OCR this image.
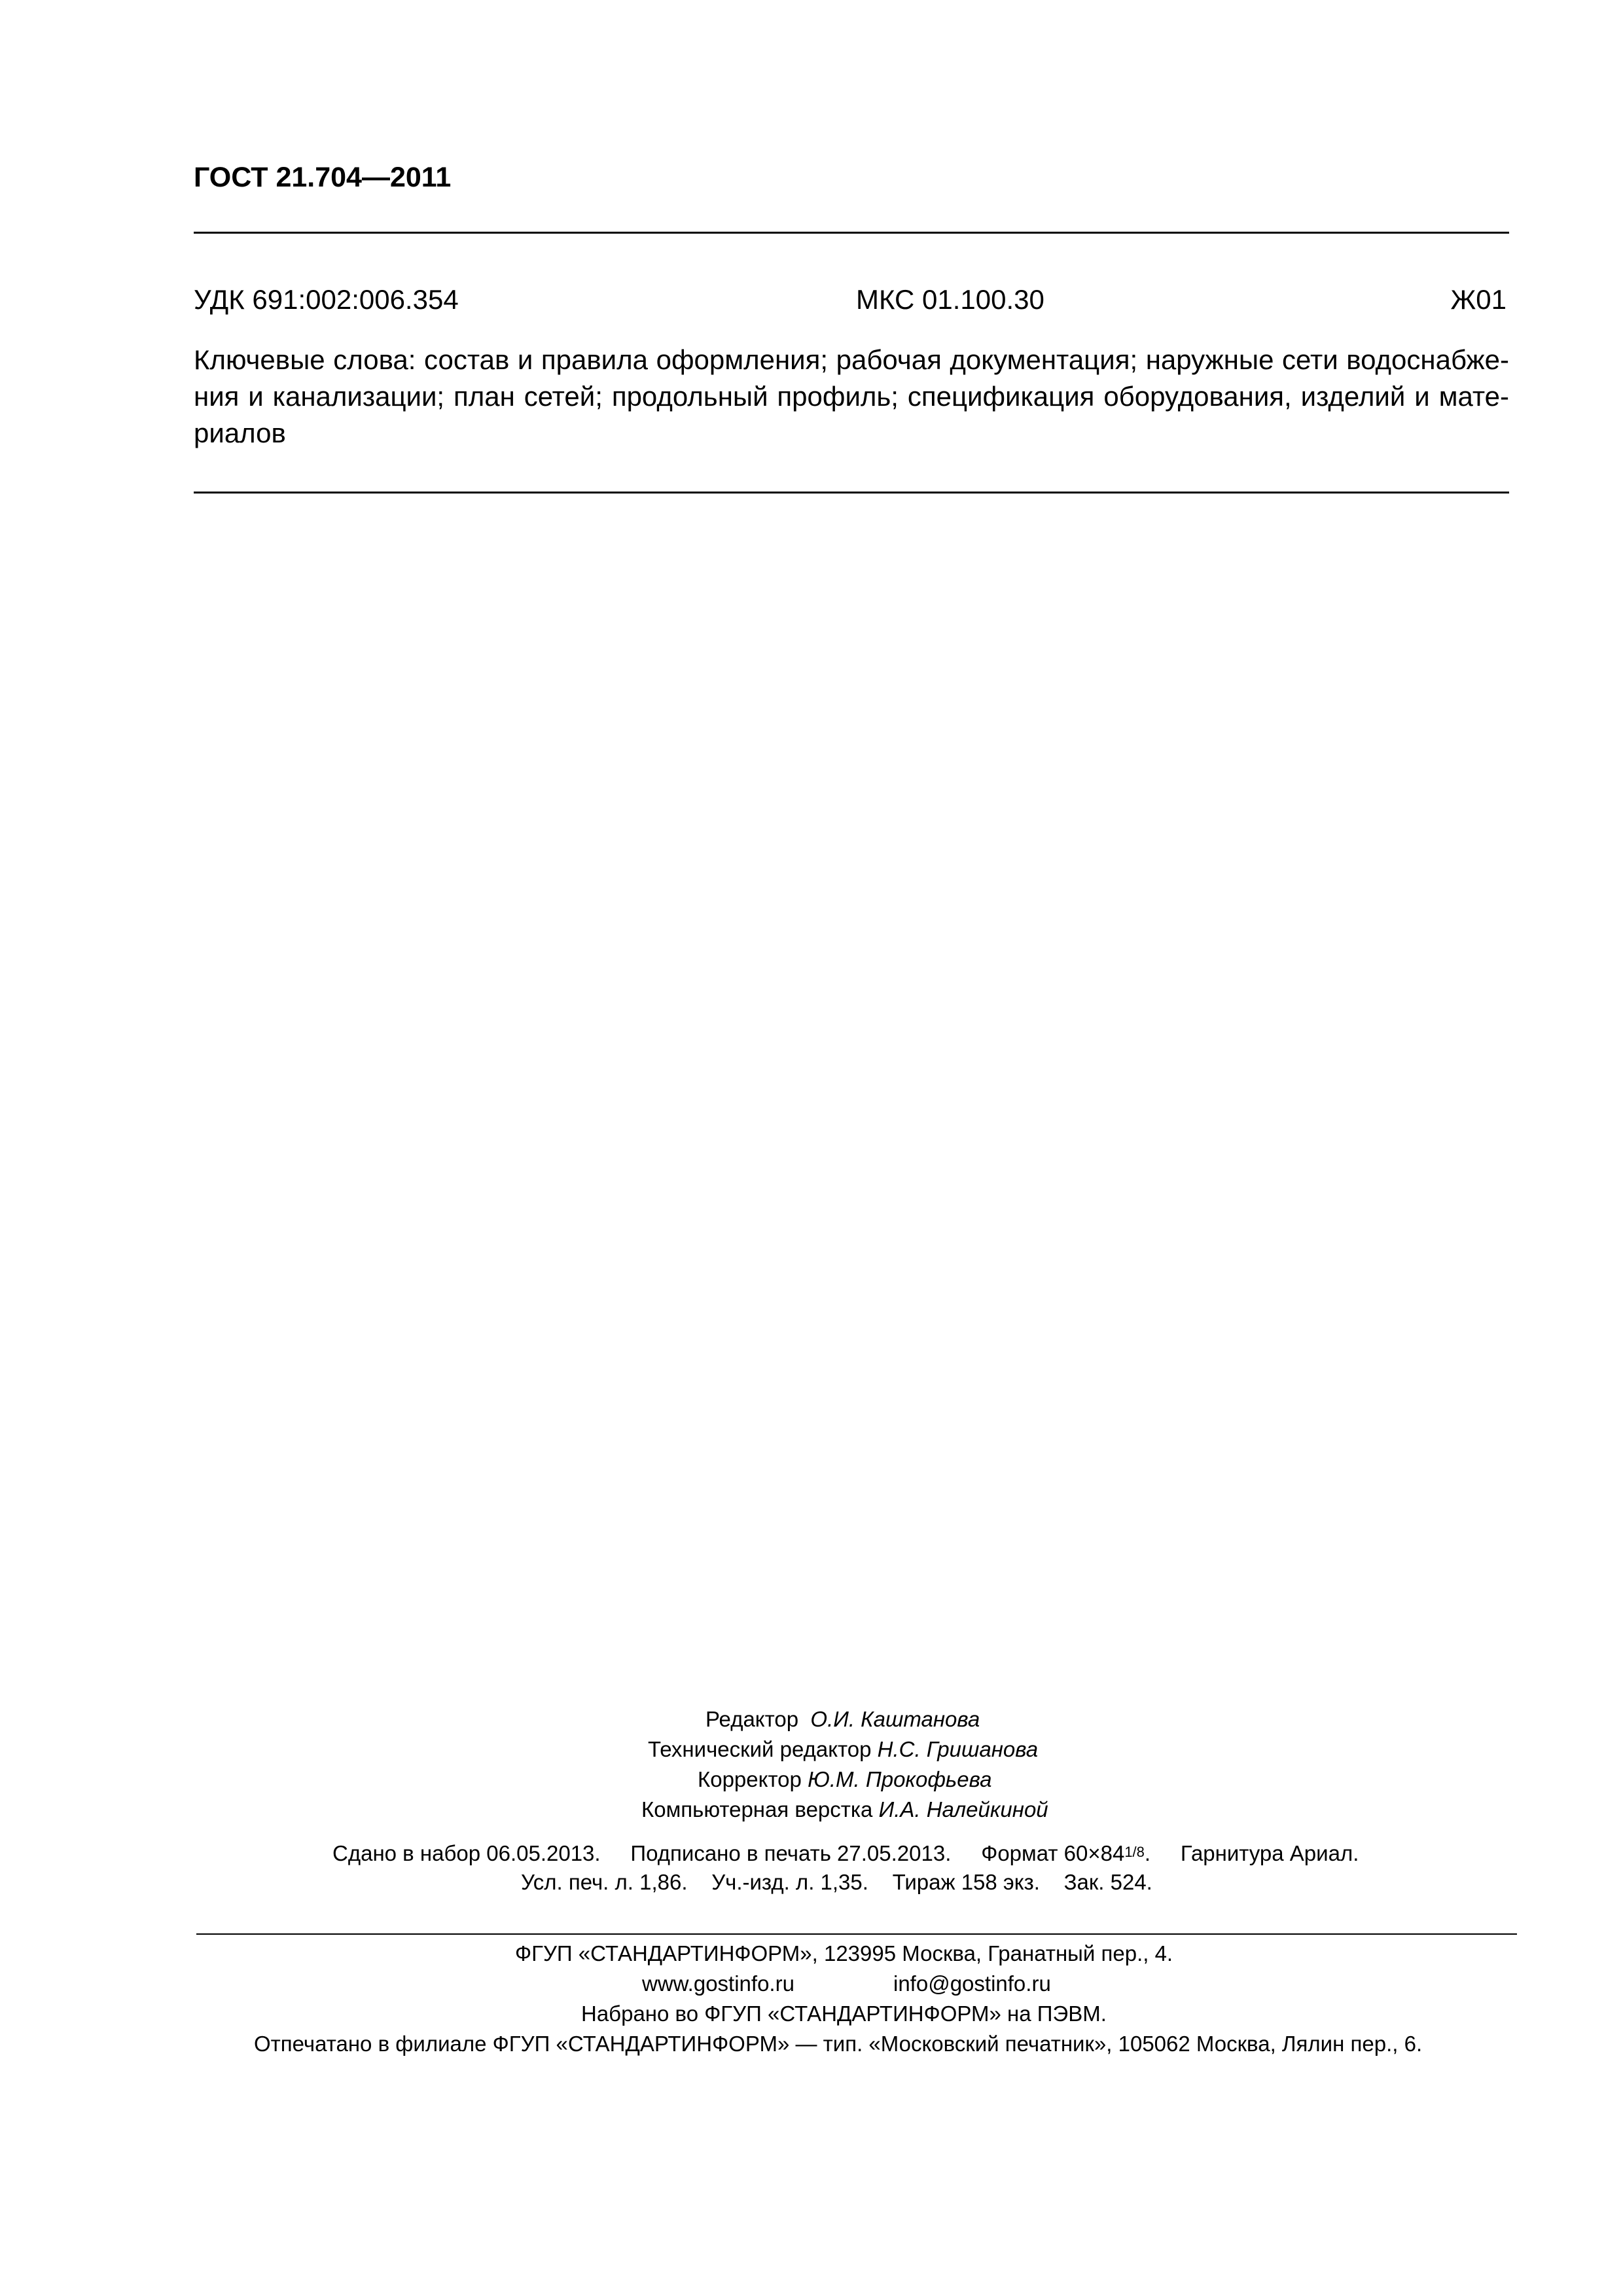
ГОСТ 21.704—2011
УДК 691:002:006.354	МКС 01.100.30	Ж01
Ключевые слова: состав и правила оформления; рабочая документация; наружные сети водоснабже-
ния и канализации; план сетей; продольный профиль; спецификация оборудования, изделий и мате-
риалов
Редактор О.И. Каштанова
Технический редактор Н.С. Гришанова
Корректор Ю.М. Прокофьева
Компьютерная верстка И.А. Налейкиной
Сдано в набор 06.05.2013. Подписано в печать 27.05.2013. Формат 60×841/8. Гарнитура Ариал.
Усл. печ. л. 1,86. Уч.-изд. л. 1,35. Тираж 158 экз. Зак. 524.
ФГУП «СТАНДАРТИНФОРМ», 123995 Москва, Гранатный пер., 4.
www.gostinfo.ru	info@gostinfo.ru
Набрано во ФГУП «СТАНДАРТИНФОРМ» на ПЭВМ.
Отпечатано в филиале ФГУП «СТАНДАРТИНФОРМ» — тип. «Московский печатник», 105062 Москва, Лялин пер., 6.
